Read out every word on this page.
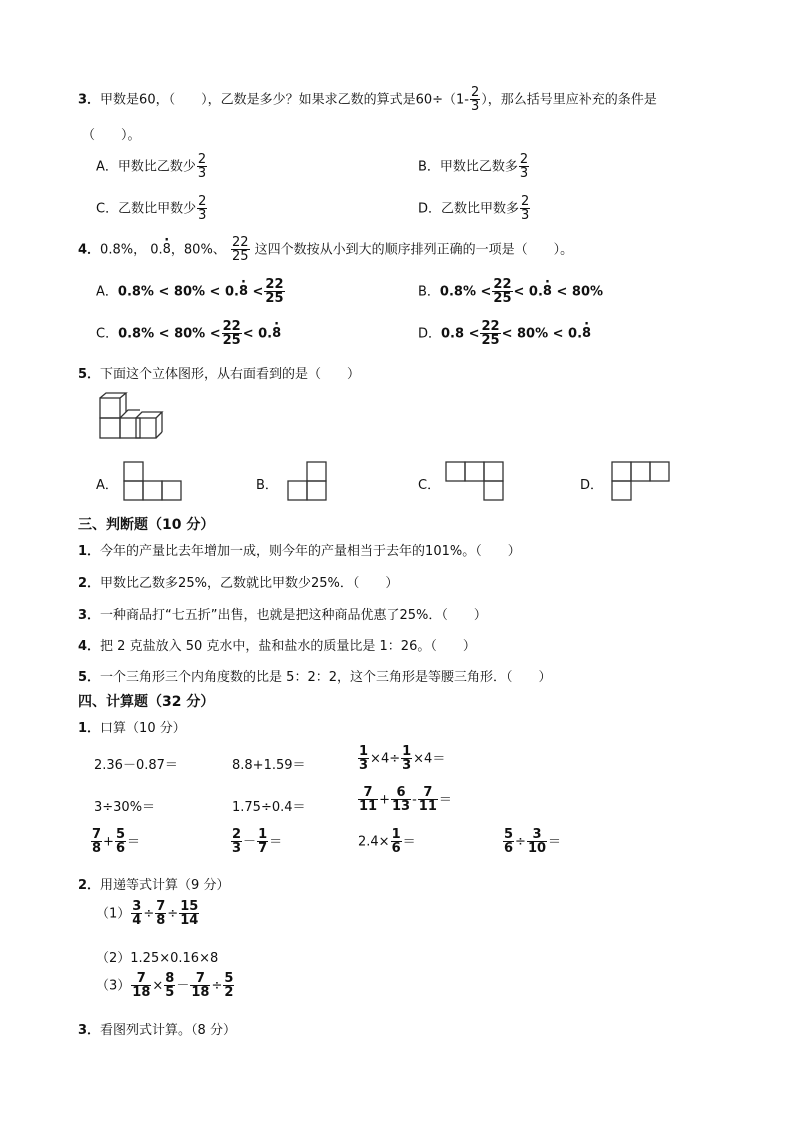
3．甲数是60，（　　），乙数是多少？如果求乙数的算式是$60\div(1- \frac{2}{3}$ ），那么括号里应补充的条件是
（　　）。
A．甲数比乙数少 $\frac{2}{3}$	B．甲数比乙数多 $\frac{2}{3}$
C．乙数比甲数少 $\frac{2}{3}$	D．乙数比甲数多 $\frac{2}{3}$
4．0.8%， 0.8 ·，80%、 $\frac{22}{25}$ 这四个数按从小到大的顺序排列正确的一项是（　　）。
A．0.8% < 80% < 0.8 · < $\frac{22}{25}$	B．$0.8\% < \frac{22}{25} < 0.8$ · < 80%
C．$0.8\% < 80\% < \frac{22}{25} < 0.8$ ·	D．$0.8 < \frac{22}{25} < 80\% < 0.8$ ·
5．下面这个立体图形，从右面看到的是（　　）
A．	B．	C．	D．
三、判断题（10 分）
1．今年的产量比去年增加一成，则今年的产量相当于去年的101%。（　　）
2．甲数比乙数多25%，乙数就比甲数少25%．（　　）
3．一种商品打“七五折”出售，也就是把这种商品优惠了25%．（　　）
4．把 2 克盐放入 50 克水中，盐和盐水的质量比是 1：26。（　　）
5．一个三角形三个内角度数的比是 5：2：2，这个三角形是等腰三角形．（　　）
四、计算题（32 分）
1．口算（10 分）
2.36－0.87＝	8.8+1.59＝	$\frac{1}{3} \times 4\div \frac{1}{3} \times 4=$
3÷30%＝	1.75÷0.4＝	$\frac{7}{11} + \frac{6}{13} - \frac{7}{11}$ ＝
$\frac{7}{8} + \frac{5}{6}$ ＝	$\frac{2}{3} - \frac{1}{7}$ ＝	$2.4\times \frac{1}{6}$ ＝	$\frac{5}{6} \div \frac{3}{10}$ ＝
2．用递等式计算（9 分）
$(1) \frac{3}{4} \div \frac{7}{8} \div \frac{15}{14}$
（2）1.25×0.16×8
$(3) \frac{7}{18} \times \frac{8}{5} - \frac{7}{18} \div \frac{5}{2}$
3．看图列式计算。（8 分）
